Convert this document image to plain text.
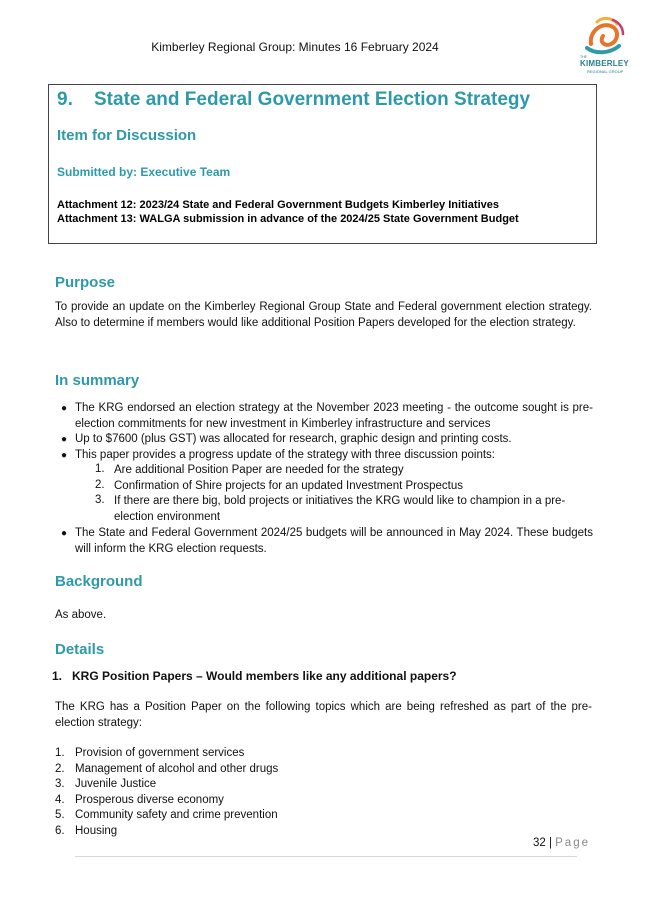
Kimberley Regional Group: Minutes 16 February 2024
THE
KIMBERLEY
REGIONAL GROUP
9. State and Federal Government Election Strategy
Item for Discussion
Submitted by: Executive Team
Attachment 12: 2023/24 State and Federal Government Budgets Kimberley Initiatives
Attachment 13: WALGA submission in advance of the 2024/25 State Government Budget
Purpose
To provide an update on the Kimberley Regional Group State and Federal government election strategy. Also to determine if members would like additional Position Papers developed for the election strategy.
In summary
● The KRG endorsed an election strategy at the November 2023 meeting - the outcome sought is pre-election commitments for new investment in Kimberley infrastructure and services
● Up to $7600 (plus GST) was allocated for research, graphic design and printing costs.
● This paper provides a progress update of the strategy with three discussion points:
1. Are additional Position Paper are needed for the strategy
2. Confirmation of Shire projects for an updated Investment Prospectus
3. If there are there big, bold projects or initiatives the KRG would like to champion in a pre-election environment
● The State and Federal Government 2024/25 budgets will be announced in May 2024. These budgets will inform the KRG election requests.
Background
As above.
Details
1. KRG Position Papers – Would members like any additional papers?
The KRG has a Position Paper on the following topics which are being refreshed as part of the pre-election strategy:
1. Provision of government services
2. Management of alcohol and other drugs
3. Juvenile Justice
4. Prosperous diverse economy
5. Community safety and crime prevention
6. Housing
32 | Page
